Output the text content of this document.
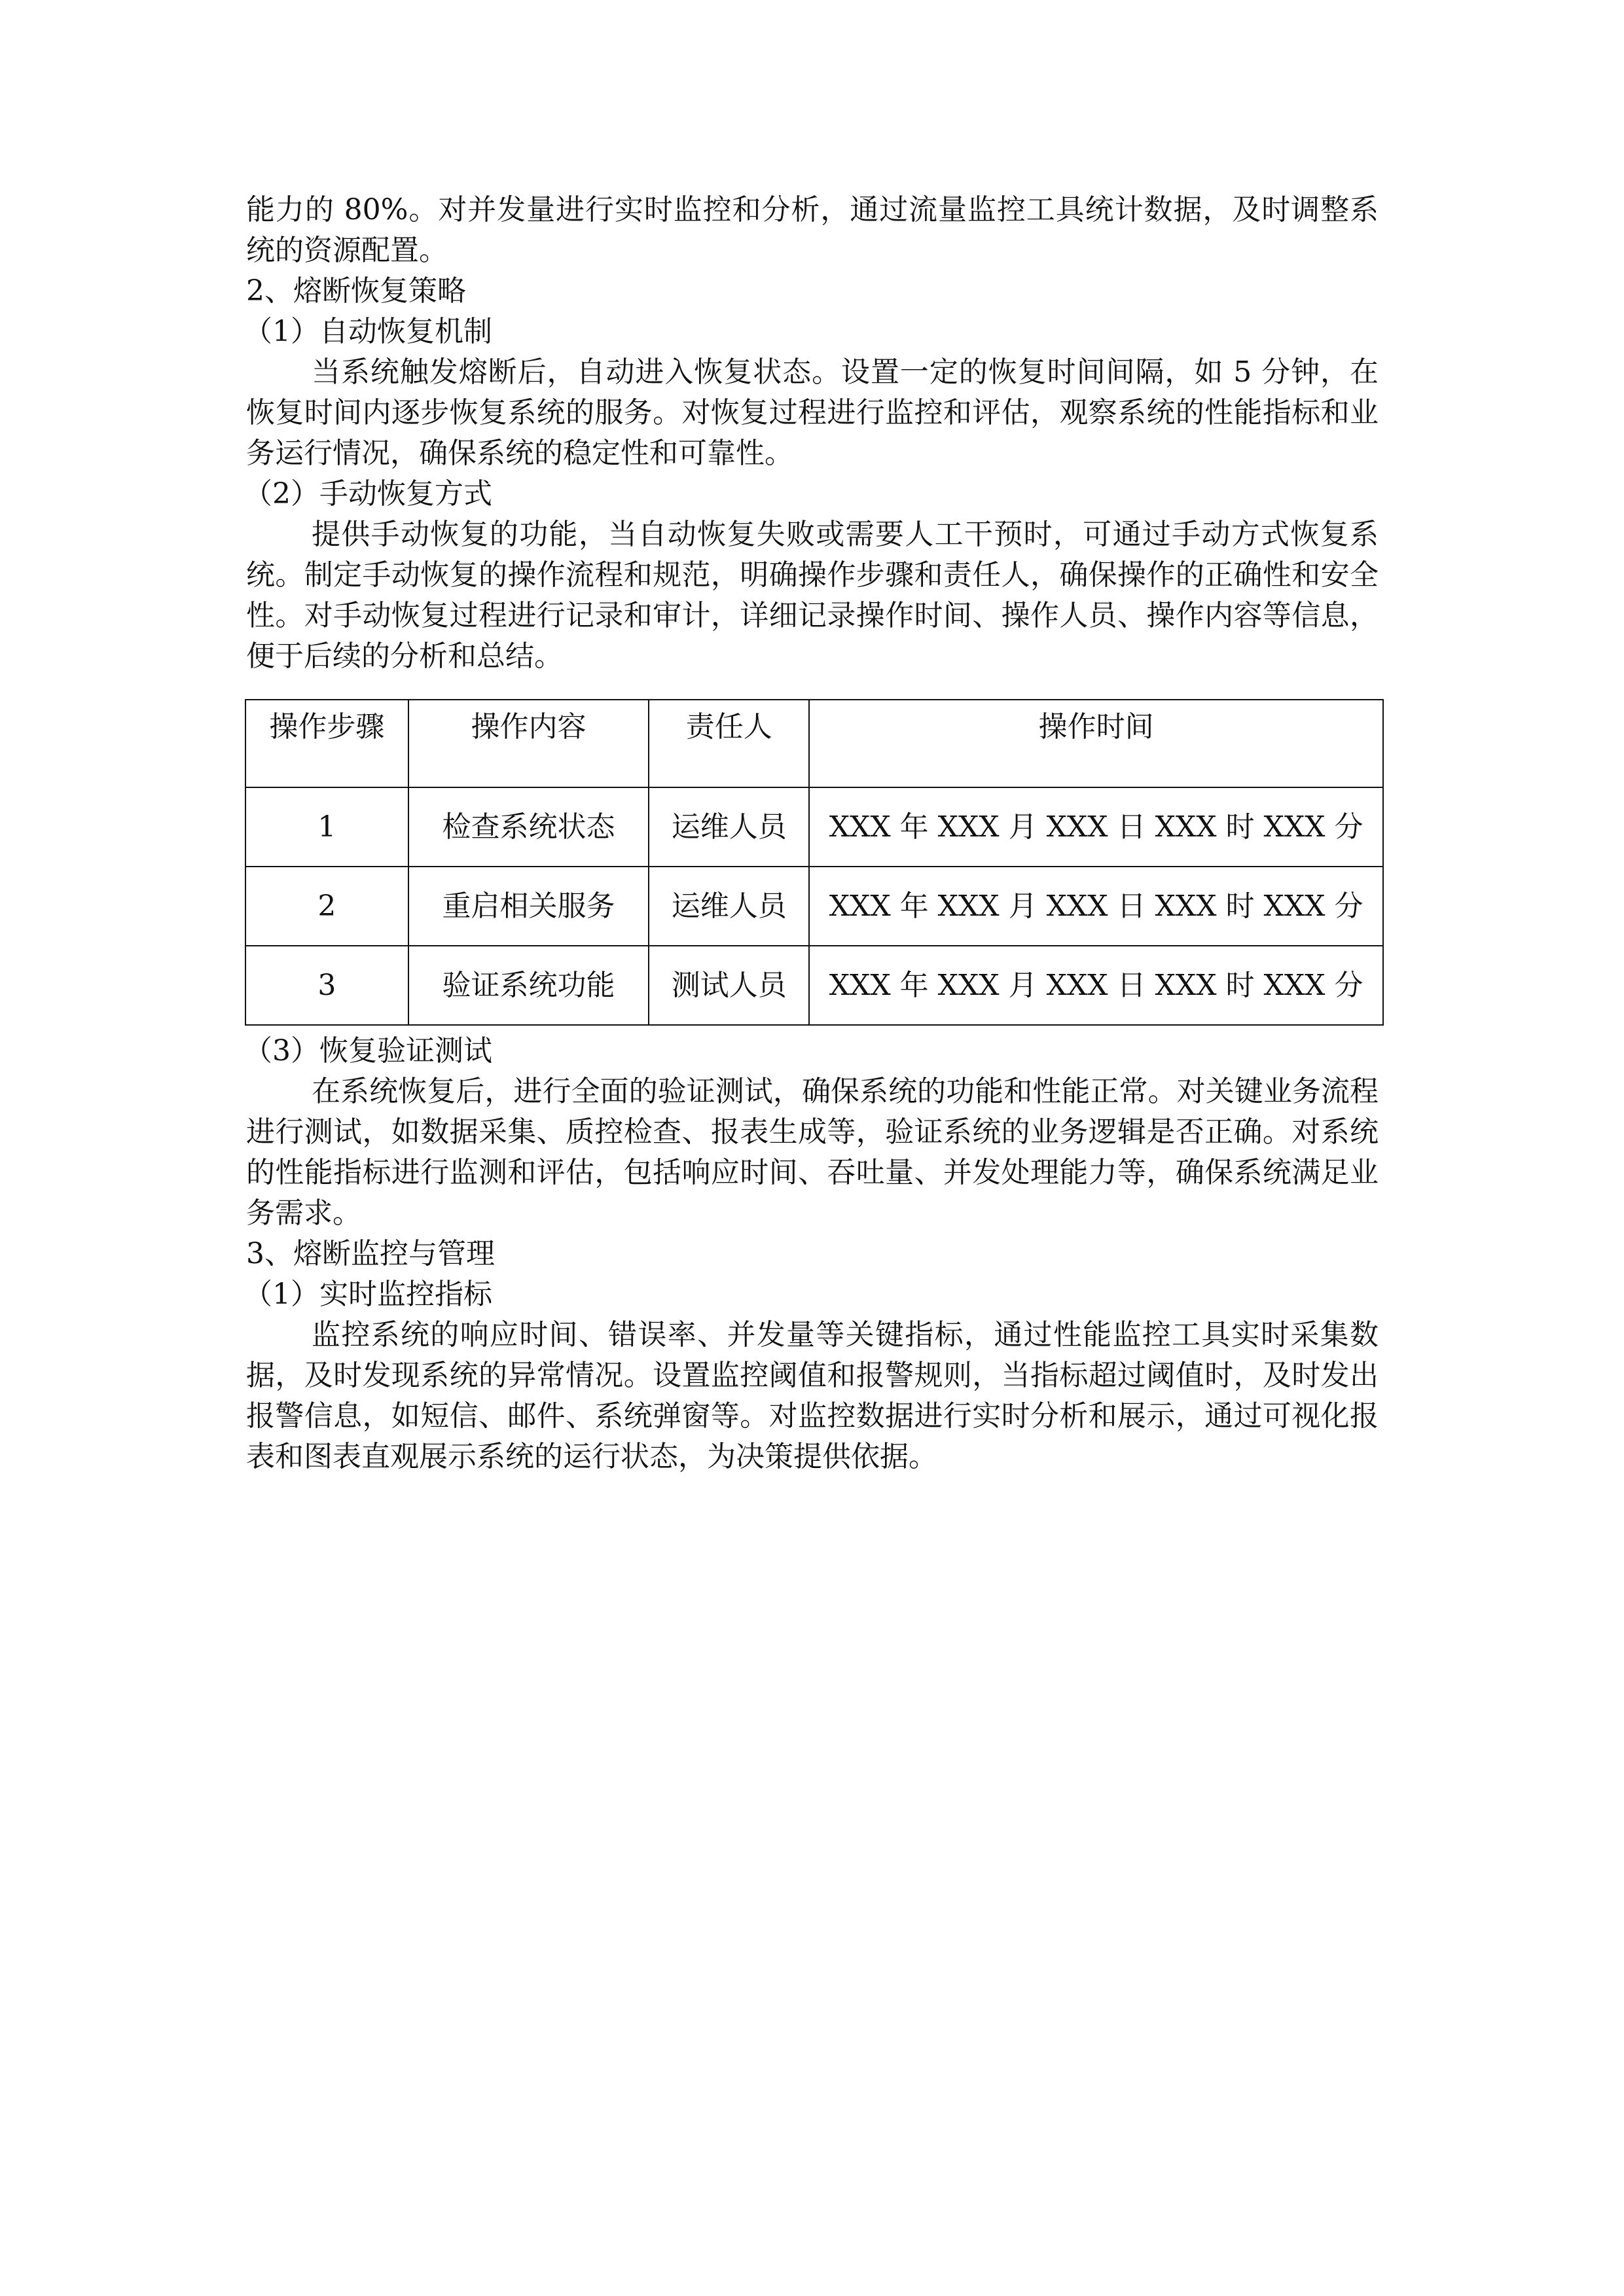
能力的 80%。对并发量进行实时监控和分析，通过流量监控工具统计数据，及时调整系统的资源配置。

2、熔断恢复策略

（1）自动恢复机制

当系统触发熔断后，自动进入恢复状态。设置一定的恢复时间间隔，如 5 分钟，在恢复时间内逐步恢复系统的服务。对恢复过程进行监控和评估，观察系统的性能指标和业务运行情况，确保系统的稳定性和可靠性。

（2）手动恢复方式

提供手动恢复的功能，当自动恢复失败或需要人工干预时，可通过手动方式恢复系统。制定手动恢复的操作流程和规范，明确操作步骤和责任人，确保操作的正确性和安全性。对手动恢复过程进行记录和审计，详细记录操作时间、操作人员、操作内容等信息，便于后续的分析和总结。

操作步骤	操作内容	责任人	操作时间
1	检查系统状态	运维人员	XXX 年 XXX 月 XXX 日 XXX 时 XXX 分
2	重启相关服务	运维人员	XXX 年 XXX 月 XXX 日 XXX 时 XXX 分
3	验证系统功能	测试人员	XXX 年 XXX 月 XXX 日 XXX 时 XXX 分

（3）恢复验证测试

在系统恢复后，进行全面的验证测试，确保系统的功能和性能正常。对关键业务流程进行测试，如数据采集、质控检查、报表生成等，验证系统的业务逻辑是否正确。对系统的性能指标进行监测和评估，包括响应时间、吞吐量、并发处理能力等，确保系统满足业务需求。

3、熔断监控与管理

（1）实时监控指标

监控系统的响应时间、错误率、并发量等关键指标，通过性能监控工具实时采集数据，及时发现系统的异常情况。设置监控阈值和报警规则，当指标超过阈值时，及时发出报警信息，如短信、邮件、系统弹窗等。对监控数据进行实时分析和展示，通过可视化报表和图表直观展示系统的运行状态，为决策提供依据。
